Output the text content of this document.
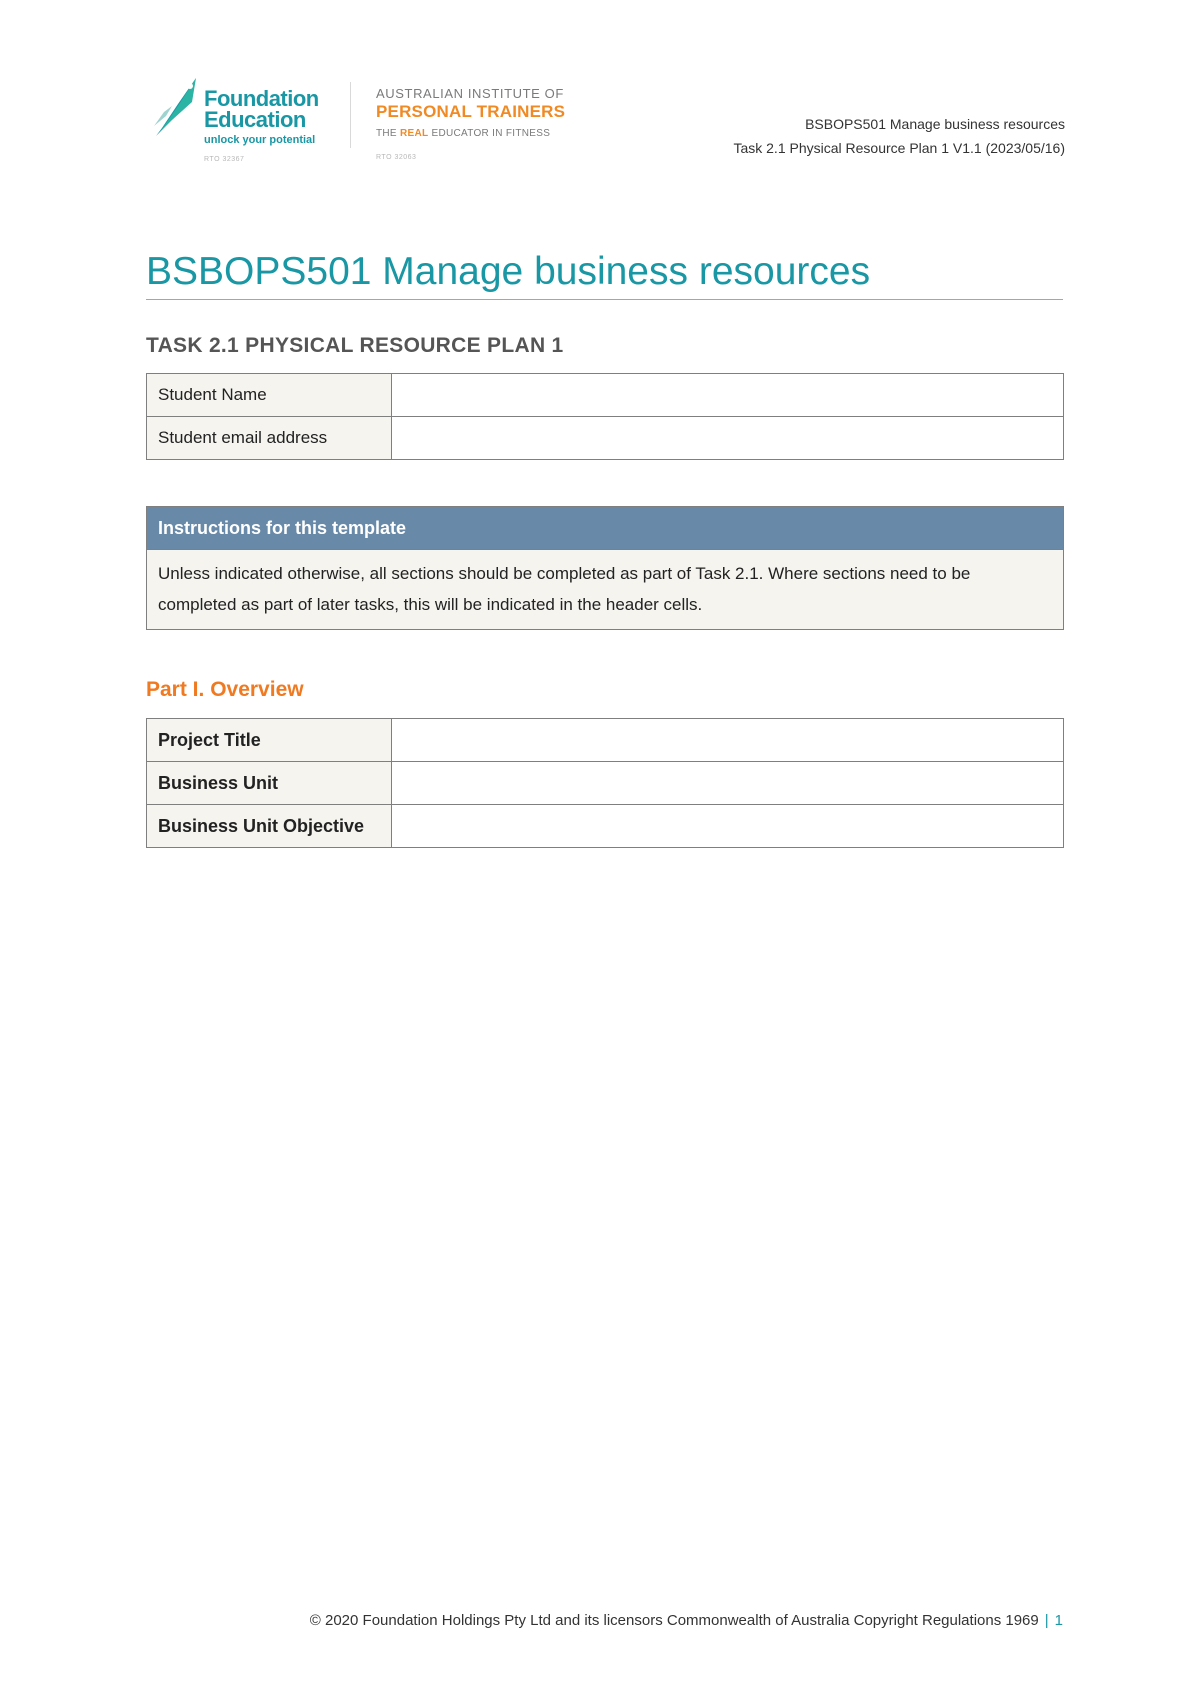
Foundation
Education
unlock your potential
RTO 32367
AUSTRALIAN INSTITUTE OF
PERSONAL TRAINERS
THE REAL EDUCATOR IN FITNESS
RTO 32063
BSBOPS501 Manage business resources
Task 2.1 Physical Resource Plan 1 V1.1 (2023/05/16)
BSBOPS501 Manage business resources
TASK 2.1 PHYSICAL RESOURCE PLAN 1
Student Name	
Student email address	
Instructions for this template
Unless indicated otherwise, all sections should be completed as part of Task 2.1. Where sections need to be completed as part of later tasks, this will be indicated in the header cells.
Part I. Overview
Project Title	
Business Unit	
Business Unit Objective	
© 2020 Foundation Holdings Pty Ltd and its licensors Commonwealth of Australia Copyright Regulations 1969 | 1
